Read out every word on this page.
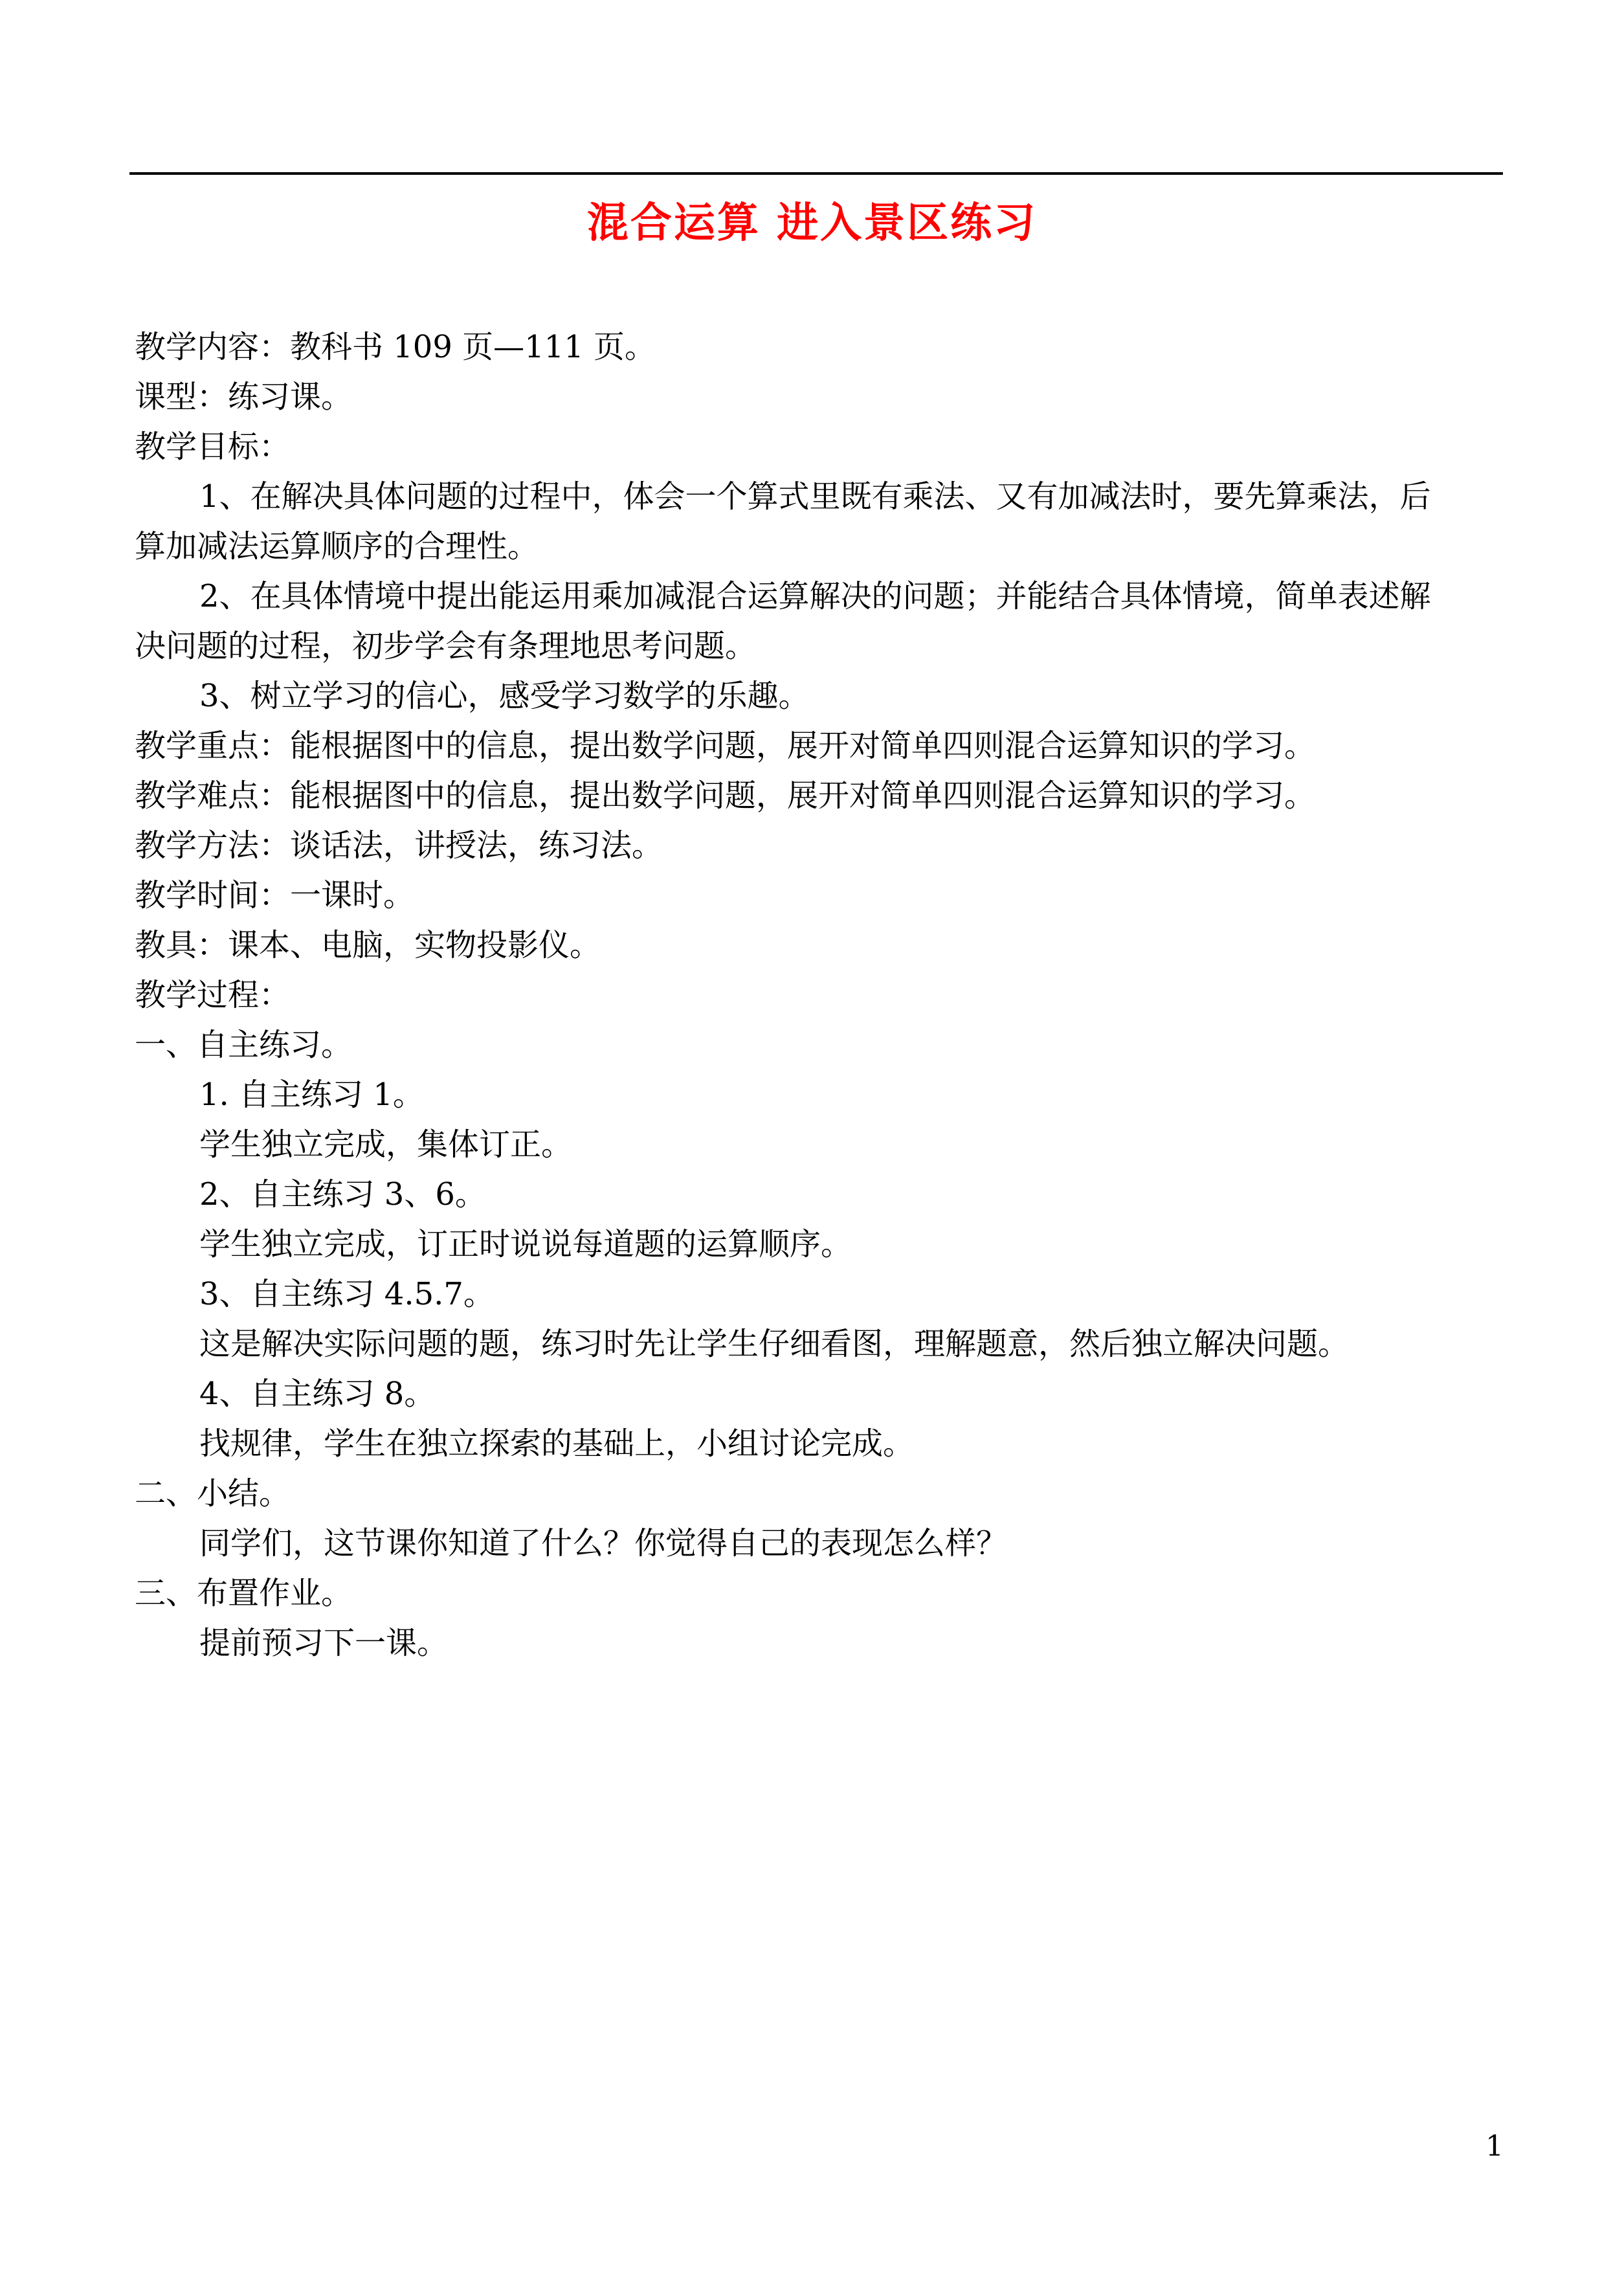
混合运算 进入景区练习
教学内容：教科书 109 页—111 页。
课型：练习课。
教学目标：
1、在解决具体问题的过程中，体会一个算式里既有乘法、又有加减法时，要先算乘法，后
算加减法运算顺序的合理性。
2、在具体情境中提出能运用乘加减混合运算解决的问题；并能结合具体情境，简单表述解
决问题的过程，初步学会有条理地思考问题。
3、树立学习的信心，感受学习数学的乐趣。
教学重点：能根据图中的信息，提出数学问题，展开对简单四则混合运算知识的学习。
教学难点：能根据图中的信息，提出数学问题，展开对简单四则混合运算知识的学习。
教学方法：谈话法，讲授法，练习法。
教学时间：一课时。
教具：课本、电脑，实物投影仪。
教学过程：
一、自主练习。
1. 自主练习 1。
学生独立完成，集体订正。
2、自主练习 3、6。
学生独立完成，订正时说说每道题的运算顺序。
3、自主练习 4.5.7。
这是解决实际问题的题，练习时先让学生仔细看图，理解题意，然后独立解决问题。
4、自主练习 8。
找规律，学生在独立探索的基础上，小组讨论完成。
二、小结。
同学们，这节课你知道了什么？你觉得自己的表现怎么样？
三、布置作业。
提前预习下一课。
1
